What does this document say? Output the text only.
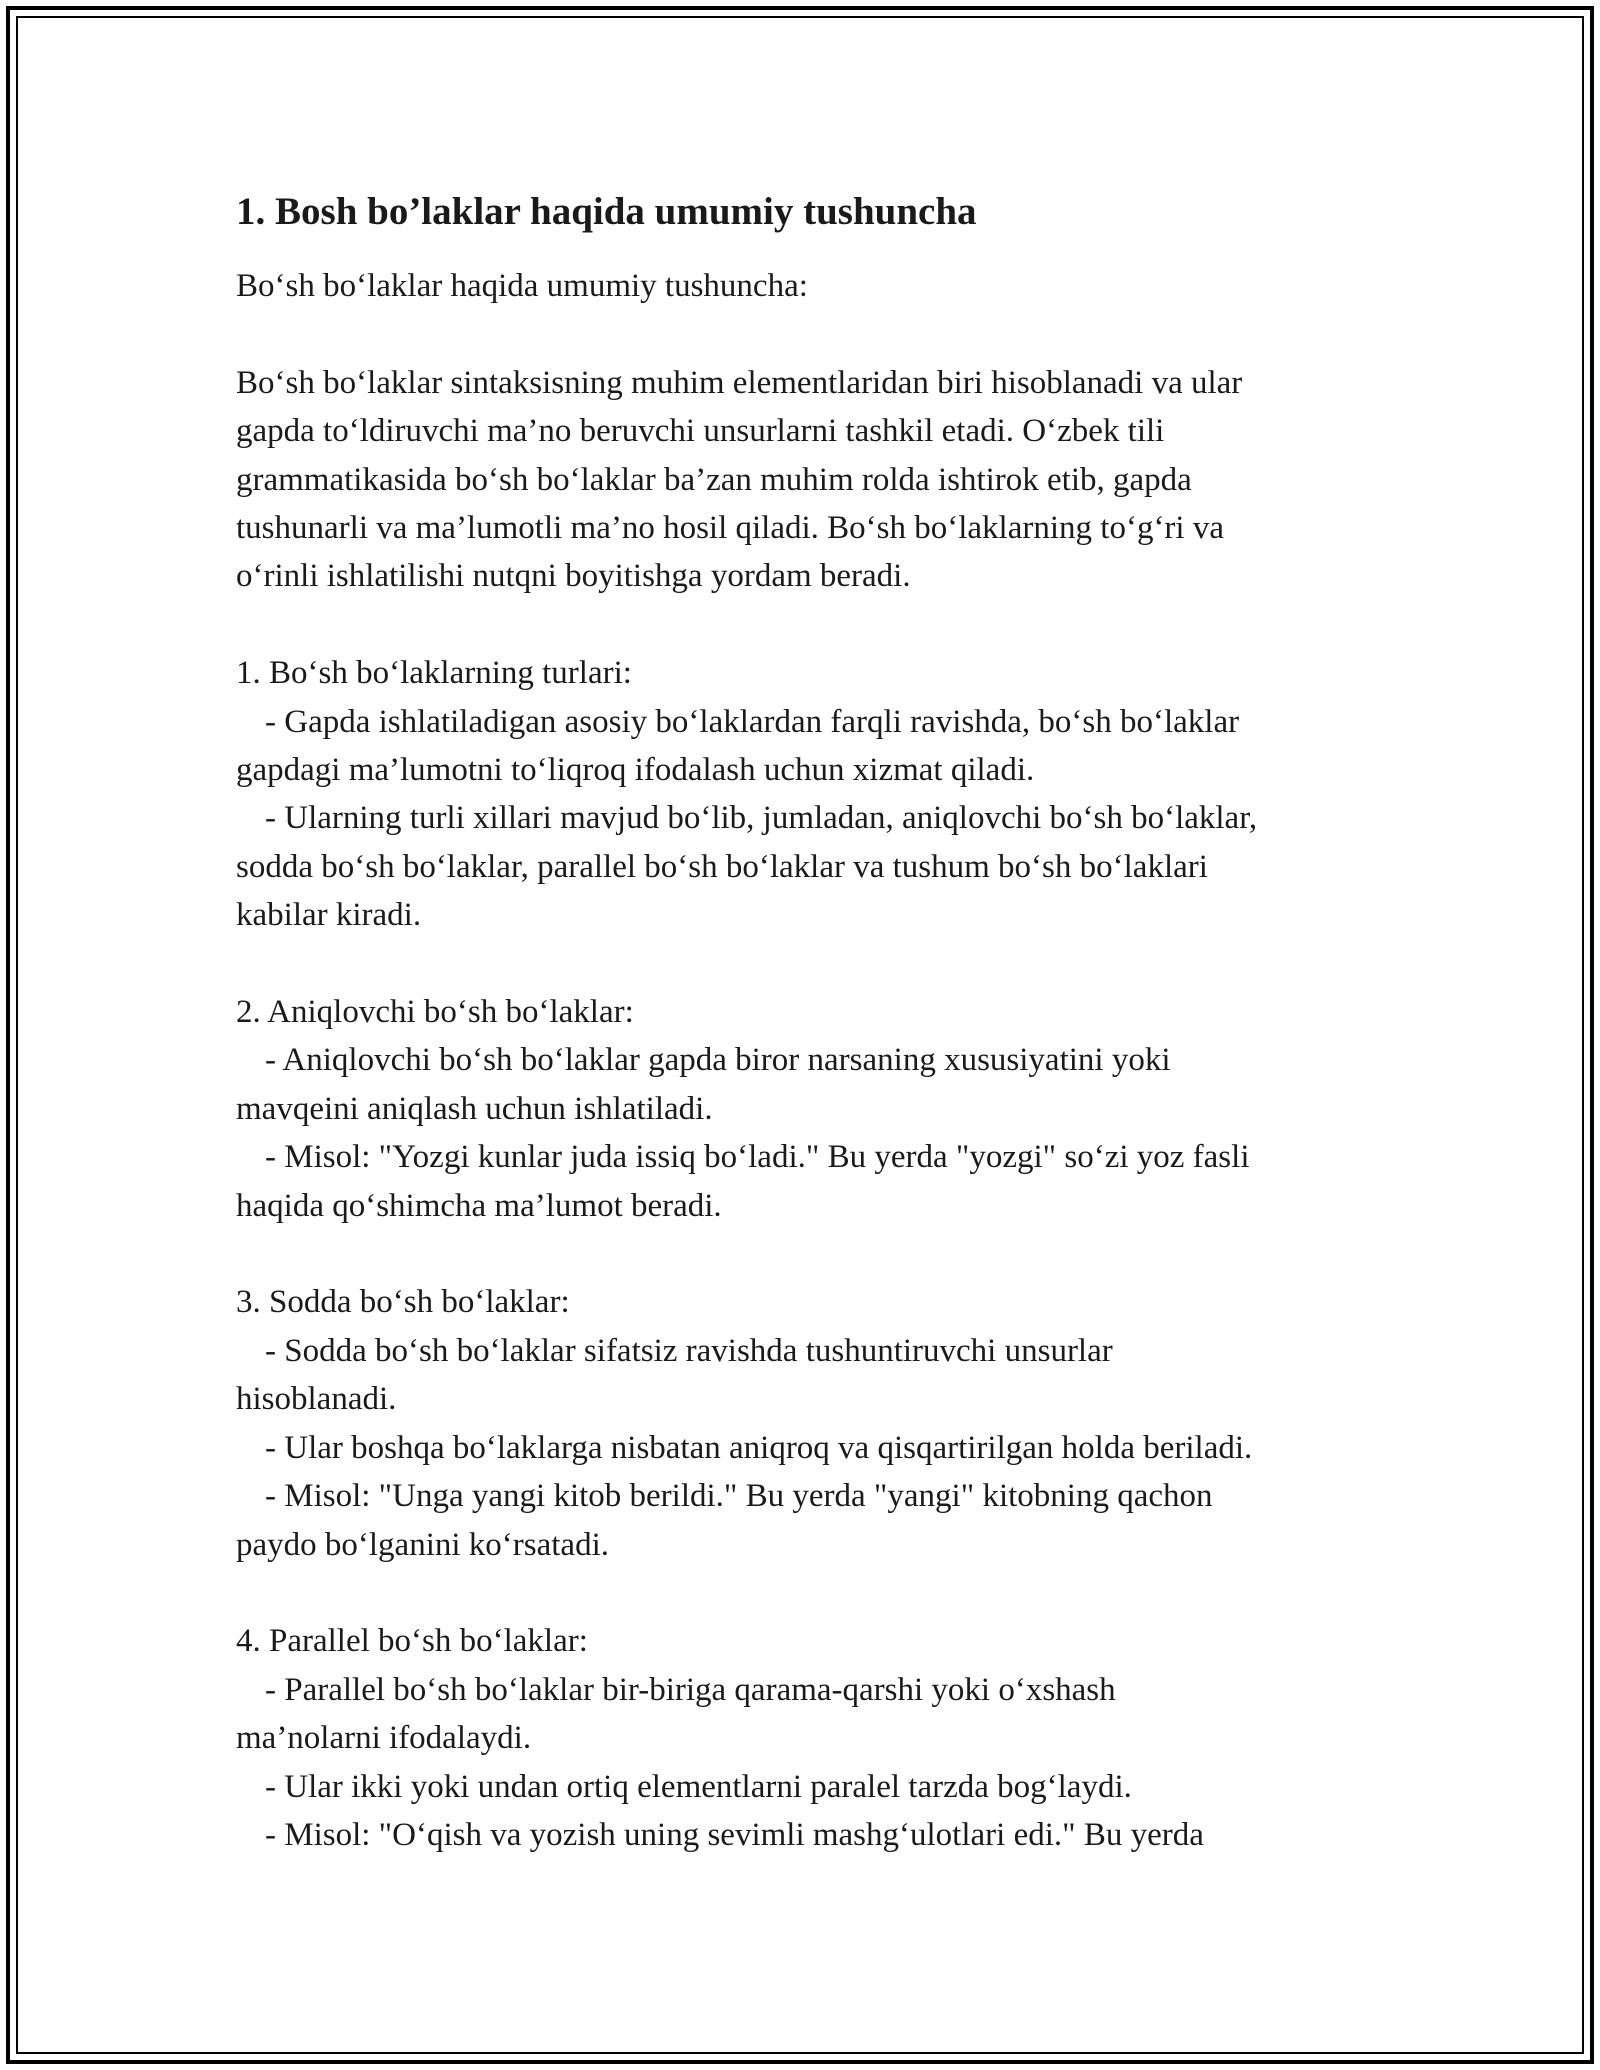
1. Bosh bo’laklar haqida umumiy tushuncha

Bo‘sh bo‘laklar haqida umumiy tushuncha:

Bo‘sh bo‘laklar sintaksisning muhim elementlaridan biri hisoblanadi va ular

gapda to‘ldiruvchi ma’no beruvchi unsurlarni tashkil etadi. O‘zbek tili

grammatikasida bo‘sh bo‘laklar ba’zan muhim rolda ishtirok etib, gapda

tushunarli va ma’lumotli ma’no hosil qiladi. Bo‘sh bo‘laklarning to‘g‘ri va

o‘rinli ishlatilishi nutqni boyitishga yordam beradi.

1. Bo‘sh bo‘laklarning turlari:

- Gapda ishlatiladigan asosiy bo‘laklardan farqli ravishda, bo‘sh bo‘laklar

gapdagi ma’lumotni to‘liqroq ifodalash uchun xizmat qiladi.

- Ularning turli xillari mavjud bo‘lib, jumladan, aniqlovchi bo‘sh bo‘laklar,

sodda bo‘sh bo‘laklar, parallel bo‘sh bo‘laklar va tushum bo‘sh bo‘laklari

kabilar kiradi.

2. Aniqlovchi bo‘sh bo‘laklar:

- Aniqlovchi bo‘sh bo‘laklar gapda biror narsaning xususiyatini yoki

mavqeini aniqlash uchun ishlatiladi.

- Misol: "Yozgi kunlar juda issiq bo‘ladi." Bu yerda "yozgi" so‘zi yoz fasli

haqida qo‘shimcha ma’lumot beradi.

3. Sodda bo‘sh bo‘laklar:

- Sodda bo‘sh bo‘laklar sifatsiz ravishda tushuntiruvchi unsurlar

hisoblanadi.

- Ular boshqa bo‘laklarga nisbatan aniqroq va qisqartirilgan holda beriladi.

- Misol: "Unga yangi kitob berildi." Bu yerda "yangi" kitobning qachon

paydo bo‘lganini ko‘rsatadi.

4. Parallel bo‘sh bo‘laklar:

- Parallel bo‘sh bo‘laklar bir-biriga qarama-qarshi yoki o‘xshash

ma’nolarni ifodalaydi.

- Ular ikki yoki undan ortiq elementlarni paralel tarzda bog‘laydi.

- Misol: "O‘qish va yozish uning sevimli mashg‘ulotlari edi." Bu yerda
